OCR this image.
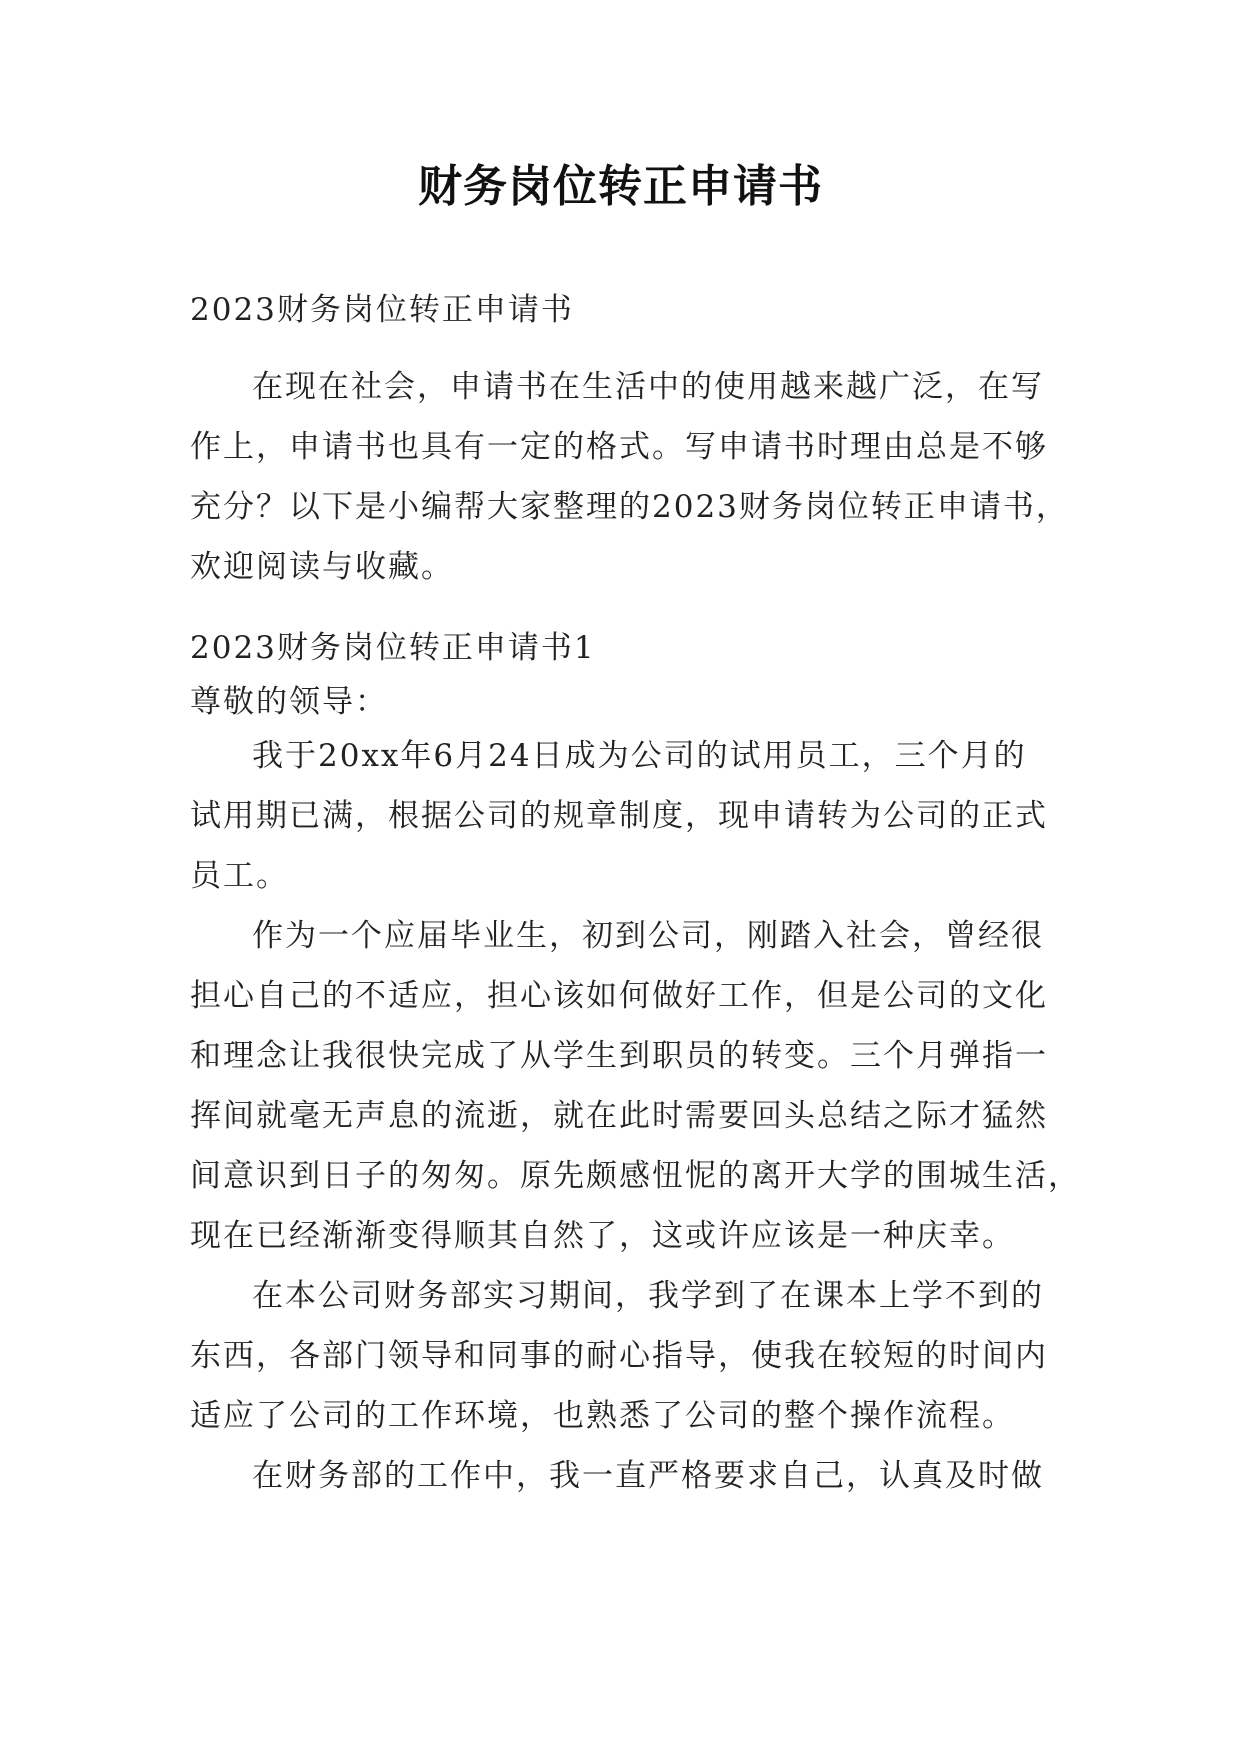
财务岗位转正申请书
2023财务岗位转正申请书
在现在社会，申请书在生活中的使用越来越广泛，在写
作上，申请书也具有一定的格式。写申请书时理由总是不够
充分？以下是小编帮大家整理的2023财务岗位转正申请书，
欢迎阅读与收藏。
2023财务岗位转正申请书1
尊敬的领导：
我于20xx年6月24日成为公司的试用员工，三个月的
试用期已满，根据公司的规章制度，现申请转为公司的正式
员工。
作为一个应届毕业生，初到公司，刚踏入社会，曾经很
担心自己的不适应，担心该如何做好工作，但是公司的文化
和理念让我很快完成了从学生到职员的转变。三个月弹指一
挥间就毫无声息的流逝，就在此时需要回头总结之际才猛然
间意识到日子的匆匆。原先颇感忸怩的离开大学的围城生活，
现在已经渐渐变得顺其自然了，这或许应该是一种庆幸。
在本公司财务部实习期间，我学到了在课本上学不到的
东西，各部门领导和同事的耐心指导，使我在较短的时间内
适应了公司的工作环境，也熟悉了公司的整个操作流程。
在财务部的工作中，我一直严格要求自己，认真及时做
